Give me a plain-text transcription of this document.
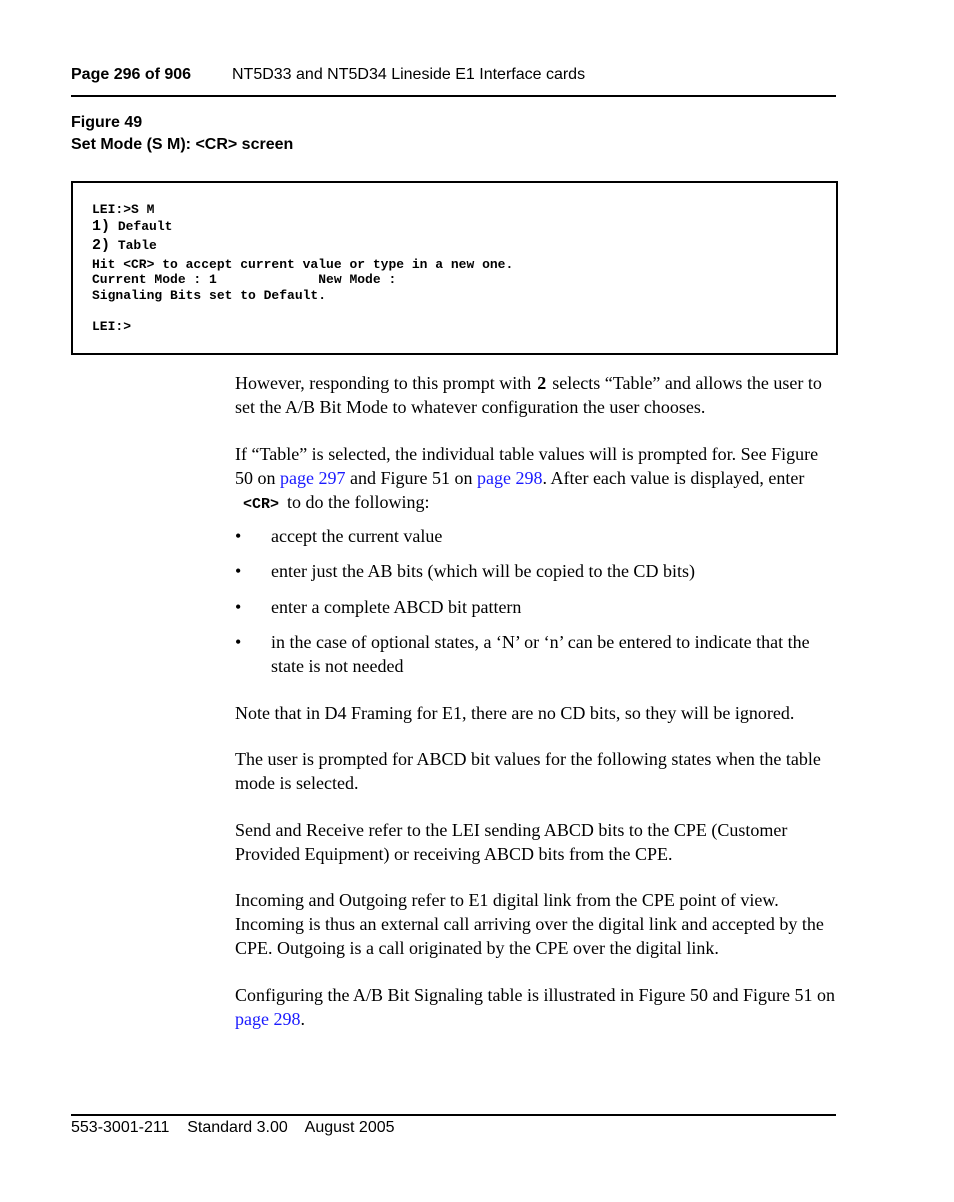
Page 296 of 906	NT5D33 and NT5D34 Lineside E1 Interface cards
Figure 49
Set Mode (S M): <CR> screen
LEI:>S M
1) Default
2) Table
Hit <CR> to accept current value or type in a new one.
Current Mode : 1             New Mode :
Signaling Bits set to Default.
LEI:>
However, responding to this prompt with 2 selects “Table” and allows the user to set the A/B Bit Mode to whatever configuration the user chooses.
If “Table” is selected, the individual table values will is prompted for. See Figure 50 on page 297 and Figure 51 on page 298. After each value is displayed, enter <CR> to do the following:
• accept the current value
• enter just the AB bits (which will be copied to the CD bits)
• enter a complete ABCD bit pattern
• in the case of optional states, a ‘N’ or ‘n’ can be entered to indicate that the state is not needed
Note that in D4 Framing for E1, there are no CD bits, so they will be ignored.
The user is prompted for ABCD bit values for the following states when the table mode is selected.
Send and Receive refer to the LEI sending ABCD bits to the CPE (Customer Provided Equipment) or receiving ABCD bits from the CPE.
Incoming and Outgoing refer to E1 digital link from the CPE point of view. Incoming is thus an external call arriving over the digital link and accepted by the CPE. Outgoing is a call originated by the CPE over the digital link.
Configuring the A/B Bit Signaling table is illustrated in Figure 50 and Figure 51 on page 298.
553-3001-211 Standard 3.00 August 2005
